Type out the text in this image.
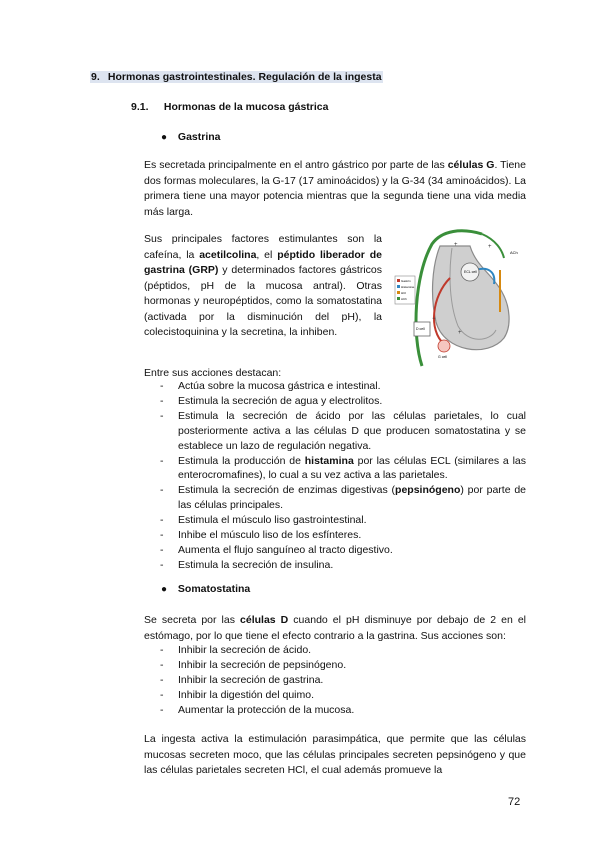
9. Hormonas gastrointestinales. Regulación de la ingesta
9.1. Hormonas de la mucosa gástrica
● Gastrina

Es secretada principalmente en el antro gástrico por parte de las células G. Tiene dos formas moleculares, la G-17 (17 aminoácidos) y la G-34 (34 aminoácidos). La primera tiene una mayor potencia mientras que la segunda tiene una vida media más larga.

Sus principales factores estimulantes son la cafeína, la acetilcolina, el péptido liberador de gastrina (GRP) y determinados factores gástricos (péptidos, pH de la mucosa antral). Otras hormonas y neuropéptidos, como la somatostatina (activada por la disminución del pH), la colecistoquinina y la secretina, la inhiben.

Gastrin
Histamine
HCl
ACh
ACh
ECL cell
D cell
G cell
+	+
+
−

Entre sus acciones destacan:

- Actúa sobre la mucosa gástrica e intestinal.
- Estimula la secreción de agua y electrolitos.
- Estimula la secreción de ácido por las células parietales, lo cual posteriormente activa a las células D que producen somatostatina y se establece un lazo de regulación negativa.
- Estimula la producción de histamina por las células ECL (similares a las enterocromafines), lo cual a su vez activa a las parietales.
- Estimula la secreción de enzimas digestivas (pepsinógeno) por parte de las células principales.
- Estimula el músculo liso gastrointestinal.
- Inhibe el músculo liso de los esfínteres.
- Aumenta el flujo sanguíneo al tracto digestivo.
- Estimula la secreción de insulina.
● Somatostatina

Se secreta por las células D cuando el pH disminuye por debajo de 2 en el estómago, por lo que tiene el efecto contrario a la gastrina. Sus acciones son:

- Inhibir la secreción de ácido.
- Inhibir la secreción de pepsinógeno.
- Inhibir la secreción de gastrina.
- Inhibir la digestión del quimo.
- Aumentar la protección de la mucosa.

La ingesta activa la estimulación parasimpática, que permite que las células mucosas secreten moco, que las células principales secreten pepsinógeno y que las células parietales secreten HCl, el cual además promueve la

72
